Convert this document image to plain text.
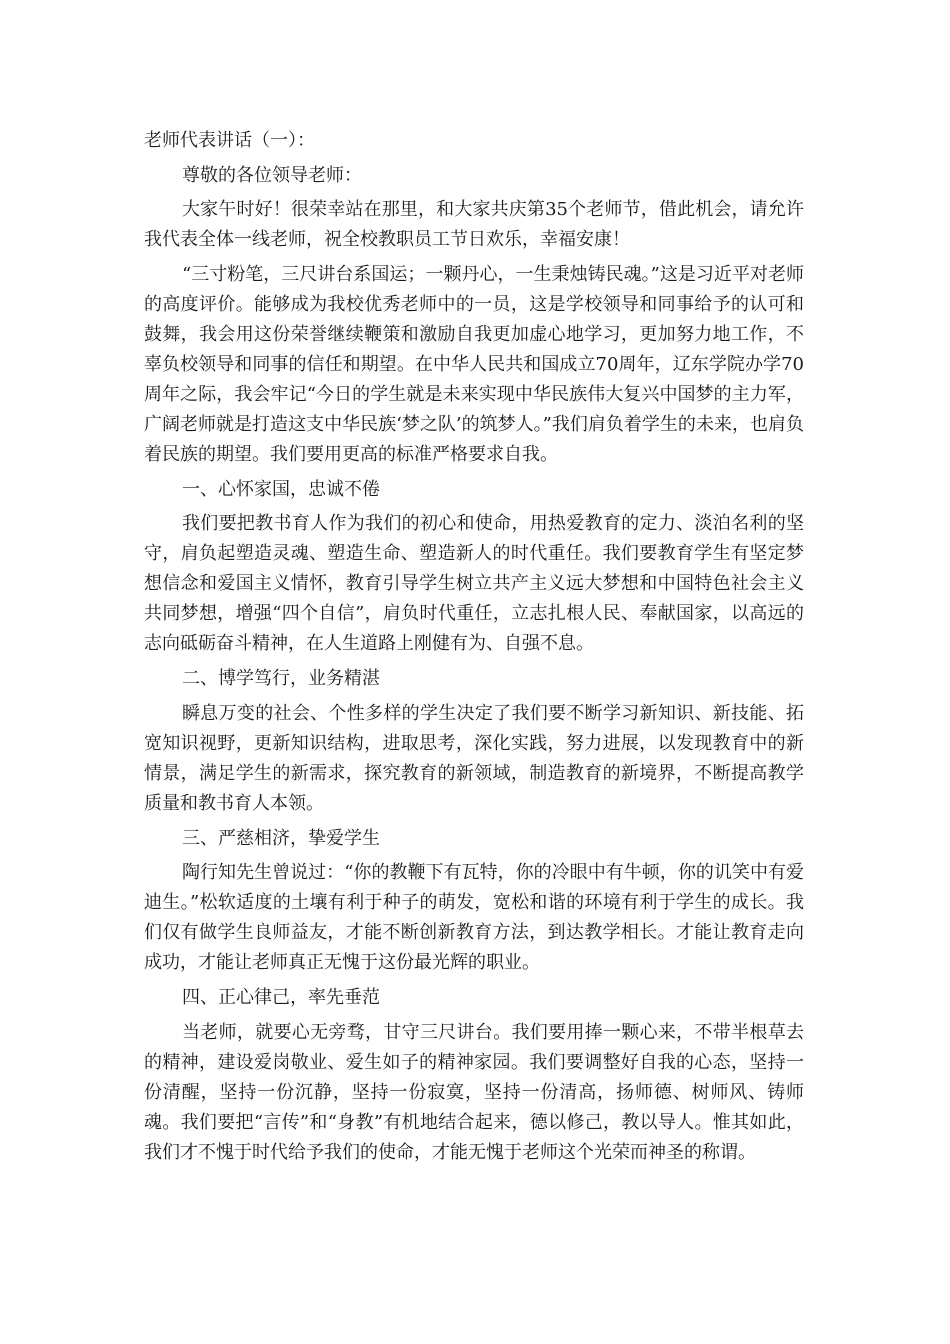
老师代表讲话（一）：

尊敬的各位领导老师：

大家午时好！很荣幸站在那里，和大家共庆第35个老师节，借此机会，请允许我代表全体一线老师，祝全校教职员工节日欢乐，幸福安康！

“三寸粉笔，三尺讲台系国运；一颗丹心，一生秉烛铸民魂。”这是习近平对老师的高度评价。能够成为我校优秀老师中的一员，这是学校领导和同事给予的认可和鼓舞，我会用这份荣誉继续鞭策和激励自我更加虚心地学习，更加努力地工作，不辜负校领导和同事的信任和期望。在中华人民共和国成立70周年，辽东学院办学70周年之际，我会牢记“今日的学生就是未来实现中华民族伟大复兴中国梦的主力军，广阔老师就是打造这支中华民族‘梦之队’的筑梦人。”我们肩负着学生的未来，也肩负着民族的期望。我们要用更高的标准严格要求自我。

一、心怀家国，忠诚不倦

我们要把教书育人作为我们的初心和使命，用热爱教育的定力、淡泊名利的坚守，肩负起塑造灵魂、塑造生命、塑造新人的时代重任。我们要教育学生有坚定梦想信念和爱国主义情怀，教育引导学生树立共产主义远大梦想和中国特色社会主义共同梦想，增强“四个自信”，肩负时代重任，立志扎根人民、奉献国家，以高远的志向砥砺奋斗精神，在人生道路上刚健有为、自强不息。

二、博学笃行，业务精湛

瞬息万变的社会、个性多样的学生决定了我们要不断学习新知识、新技能、拓宽知识视野，更新知识结构，进取思考，深化实践，努力进展，以发现教育中的新情景，满足学生的新需求，探究教育的新领域，制造教育的新境界，不断提高教学质量和教书育人本领。

三、严慈相济，挚爱学生

陶行知先生曾说过：“你的教鞭下有瓦特，你的冷眼中有牛顿，你的讥笑中有爱迪生。”松软适度的土壤有利于种子的萌发，宽松和谐的环境有利于学生的成长。我们仅有做学生良师益友，才能不断创新教育方法，到达教学相长。才能让教育走向成功，才能让老师真正无愧于这份最光辉的职业。

四、正心律己，率先垂范

当老师，就要心无旁骛，甘守三尺讲台。我们要用捧一颗心来，不带半根草去的精神，建设爱岗敬业、爱生如子的精神家园。我们要调整好自我的心态，坚持一份清醒，坚持一份沉静，坚持一份寂寞，坚持一份清高，扬师德、树师风、铸师魂。我们要把“言传”和“身教”有机地结合起来，德以修己，教以导人。惟其如此，我们才不愧于时代给予我们的使命，才能无愧于老师这个光荣而神圣的称谓。
